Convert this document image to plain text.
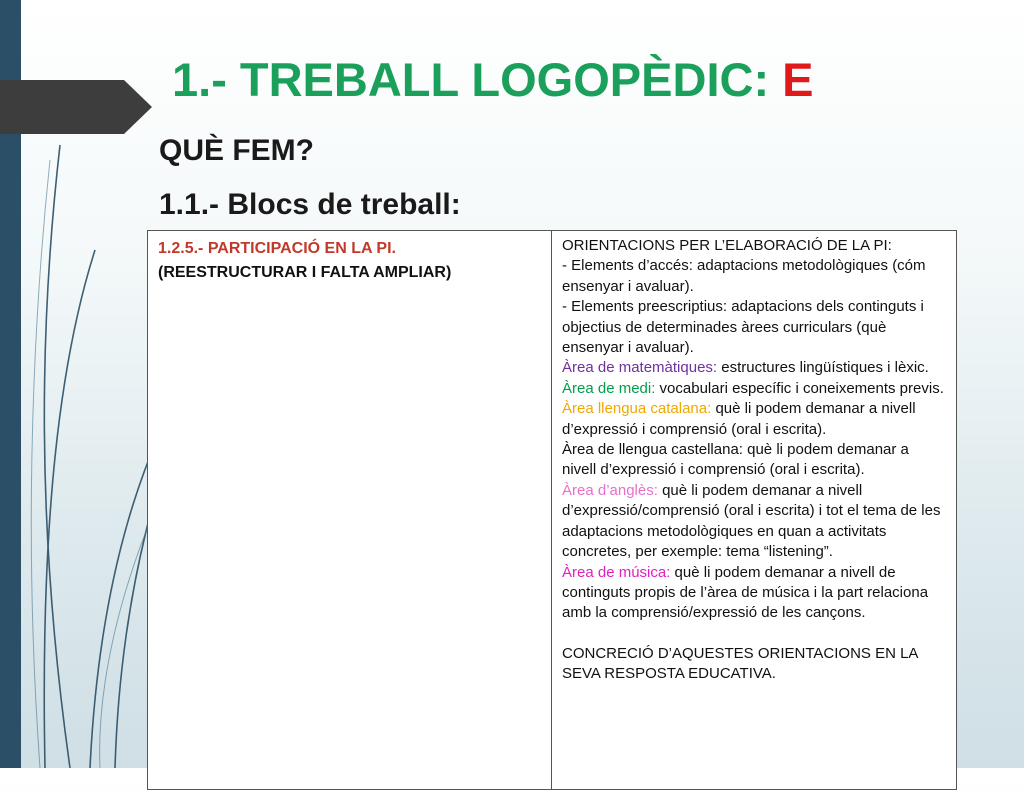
1.- TREBALL LOGOPÈDIC: E
QUÈ FEM?
1.1.- Blocs de treball:
1.2.5.- PARTICIPACIÓ EN LA PI.
(REESTRUCTURAR I FALTA AMPLIAR)

ORIENTACIONS PER L’ELABORACIÓ DE LA PI:

- Elements d’accés: adaptacions metodològiques (cóm ensenyar i avaluar).

- Elements preescriptius: adaptacions dels continguts i objectius de determinades àrees curriculars (què ensenyar i avaluar).

Àrea de matemàtiques: estructures lingüístiques i lèxic.

Àrea de medi: vocabulari específic i coneixements previs.

Àrea llengua catalana: què li podem demanar a nivell d’expressió i comprensió (oral i escrita).

Àrea de llengua castellana: què li podem demanar a nivell d’expressió i comprensió (oral i escrita).

Àrea d’anglès: què li podem demanar a nivell d’expressió/comprensió (oral i escrita) i tot el tema de les adaptacions metodològiques en quan a activitats concretes, per exemple: tema “listening”.

Àrea de música: què li podem demanar a nivell de continguts propis de l’àrea de música i la part relaciona amb la comprensió/expressió de les cançons.

CONCRECIÓ D’AQUESTES ORIENTACIONS EN LA SEVA RESPOSTA EDUCATIVA.
